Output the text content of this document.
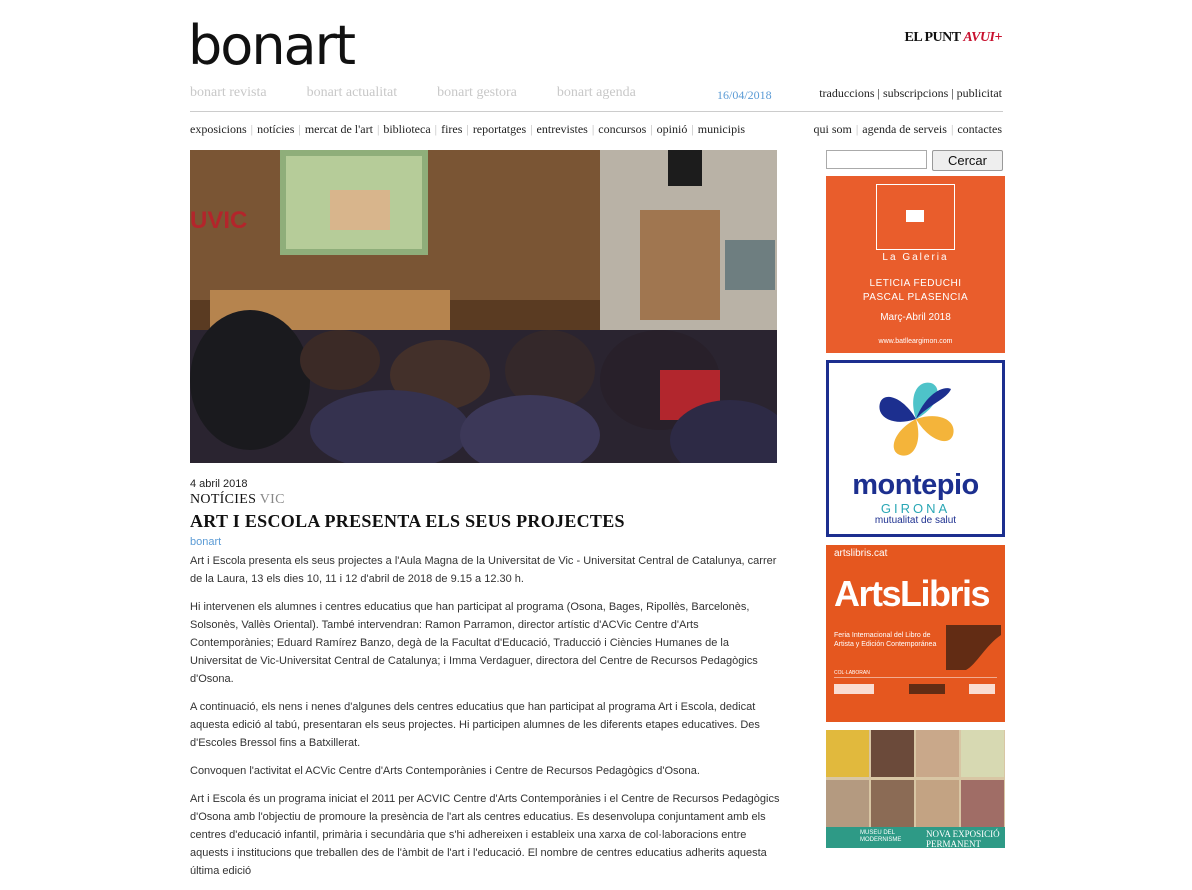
bonart	EL PUNT AVUI+
bonart revista	bonart actualitat	bonart gestora	bonart agenda	16/04/2018	traduccions | subscripcions | publicitat
exposicions | notícies | mercat de l'art | biblioteca | fires | reportatges | entrevistes | concursos | opinió | municipis	qui som | agenda de serveis | contactes
UVIC
4 abril 2018
NOTÍCIES VIC
ART I ESCOLA PRESENTA ELS SEUS PROJECTES
bonart

Art i Escola presenta els seus projectes a l'Aula Magna de la Universitat de Vic - Universitat Central de Catalunya, carrer de la Laura, 13 els dies 10, 11 i 12 d'abril de 2018 de 9.15 a 12.30 h.

Hi intervenen els alumnes i centres educatius que han participat al programa (Osona, Bages, Ripollès, Barcelonès, Solsonès, Vallès Oriental). També intervendran: Ramon Parramon, director artístic d'ACVic Centre d'Arts Contemporànies; Eduard Ramírez Banzo, degà de la Facultat d'Educació, Traducció i Ciències Humanes de la Universitat de Vic-Universitat Central de Catalunya; i Imma Verdaguer, directora del Centre de Recursos Pedagògics d'Osona.

A continuació, els nens i nenes d'algunes dels centres educatius que han participat al programa Art i Escola, dedicat aquesta edició al tabú, presentaran els seus projectes. Hi participen alumnes de les diferents etapes educatives. Des d'Escoles Bressol fins a Batxillerat.

Convoquen l'activitat el ACVic Centre d'Arts Contemporànies i Centre de Recursos Pedagògics d'Osona.

Art i Escola és un programa iniciat el 2011 per ACVIC Centre d'Arts Contemporànies i el Centre de Recursos Pedagògics d'Osona amb l'objectiu de promoure la presència de l'art als centres educatius. Es desenvolupa conjuntament amb els centres d'educació infantil, primària i secundària que s'hi adhereixen i estableix una xarxa de col·laboracions entre aquests i institucions que treballen des de l'àmbit de l'art i l'educació. El nombre de centres educatius adherits aquesta última edició

Cercar
La Galeria
LETICIA FEDUCHI
PASCAL PLASENCIA
Març-Abril 2018
www.batlleargimon.com
montepio
GIRONA
mutualitat de salut
artslibris.cat
ArtsLibris
Feria Internacional del Libro de Artista y Edición Contemporánea
COL·LABORAN
MUSEU DEL MODERNISME
NOVA EXPOSICIÓ PERMANENT
